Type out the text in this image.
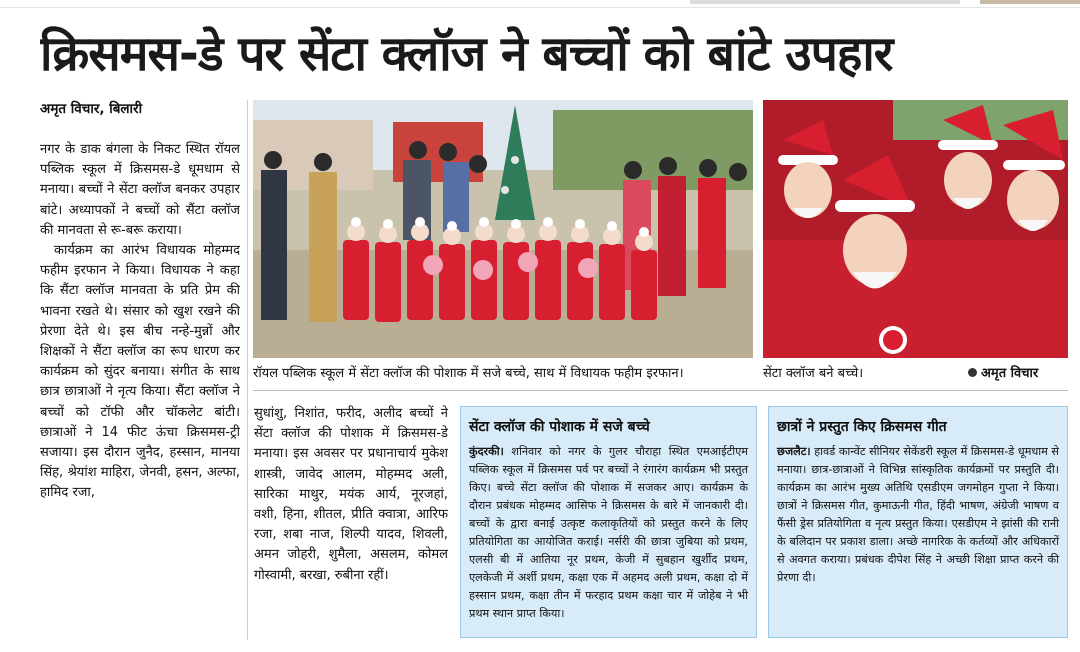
क्रिसमस-डे पर सेंटा क्लॉज ने बच्चों को बांटे उपहार
अमृत विचार, बिलारी

नगर के डाक बंगला के निकट स्थित रॉयल पब्लिक स्कूल में क्रिसमस-डे धूमधाम से मनाया। बच्चों ने सेंटा क्लॉज बनकर उपहार बांटे। अध्यापकों ने बच्चों को सैंटा क्लॉज की मानवता से रू-बरू कराया।

कार्यक्रम का आरंभ विधायक मोहम्मद फहीम इरफान ने किया। विधायक ने कहा कि सैंटा क्लॉज मानवता के प्रति प्रेम की भावना रखते थे। संसार को खुश रखने की प्रेरणा देते थे। इस बीच नन्हे-मुन्नों और शिक्षकों ने सैंटा क्लॉज का रूप धारण कर कार्यक्रम को सुंदर बनाया। संगीत के साथ छात्र छात्राओं ने नृत्य किया। सैंटा क्लॉज ने बच्चों को टॉफी और चॉकलेट बांटी। छात्राओं ने 14 फीट ऊंचा क्रिसमस-ट्री सजाया। इस दौरान जुनैद, हस्सान, मानया सिंह, श्रेयांश माहिरा, जेनवी, हसन, अल्फा, हामिद रजा,

रॉयल पब्लिक स्कूल में सेंटा क्लॉज की पोशाक में सजे बच्चे, साथ में विधायक फहीम इरफान।	सेंटा क्लॉज बने बच्चे।	अमृत विचार

सुधांशु, निशांत, फरीद, अलीद बच्चों ने सेंटा क्लॉज की पोशाक में क्रिसमस-डे मनाया। इस अवसर पर प्रधानाचार्य मुकेश शास्त्री, जावेद आलम, मोहम्मद अली, सारिका माथुर, मयंक आर्य, नूरजहां, वशी, हिना, शीतल, प्रीति क्वात्रा, आरिफ रजा, शबा नाज, शिल्पी यादव, शिवली, अमन जोहरी, शुमैला, असलम, कोमल गोस्वामी, बरखा, रुबीना रहीं।

सेंटा क्लॉज की पोशाक में सजे बच्चे
कुंदरकी। शनिवार को नगर के गुलर चौराहा स्थित एमआईटीएम पब्लिक स्कूल में क्रिसमस पर्व पर बच्चों ने रंगारंग कार्यक्रम भी प्रस्तुत किए। बच्चे सेंटा क्लॉज की पोशाक में सजकर आए। कार्यक्रम के दौरान प्रबंधक मोहम्मद आसिफ ने क्रिसमस के बारे में जानकारी दी। बच्चों के द्वारा बनाई उत्कृष्ट कलाकृतियों को प्रस्तुत करने के लिए प्रतियोगिता का आयोजित कराई। नर्सरी की छात्रा जुबिया को प्रथम, एलसी बी में आतिया नूर प्रथम, केजी में सुबहान खुर्शीद प्रथम, एलकेजी में अर्शी प्रथम, कक्षा एक में अहमद अली प्रथम, कक्षा दो में हस्सान प्रथम, कक्षा तीन में फरहाद प्रथम कक्षा चार में जोहेब ने भी प्रथम स्थान प्राप्त किया।
छात्रों ने प्रस्तुत किए क्रिसमस गीत
छजलैट। हावर्ड कान्वेंट सीनियर सेकेंडरी स्कूल में क्रिसमस-डे धूमधाम से मनाया। छात्र-छात्राओं ने विभिन्न सांस्कृतिक कार्यक्रमों पर प्रस्तुति दी। कार्यक्रम का आरंभ मुख्य अतिथि एसडीएम जगमोहन गुप्ता ने किया। छात्रों ने क्रिसमस गीत, कुमाऊनी गीत, हिंदी भाषण, अंग्रेजी भाषण व फैंसी ड्रेस प्रतियोगिता व नृत्य प्रस्तुत किया। एसडीएम ने झांसी की रानी के बलिदान पर प्रकाश डाला। अच्छे नागरिक के कर्तव्यों और अधिकारों से अवगत कराया। प्रबंधक दीपेश सिंह ने अच्छी शिक्षा प्राप्त करने की प्रेरणा दी।
